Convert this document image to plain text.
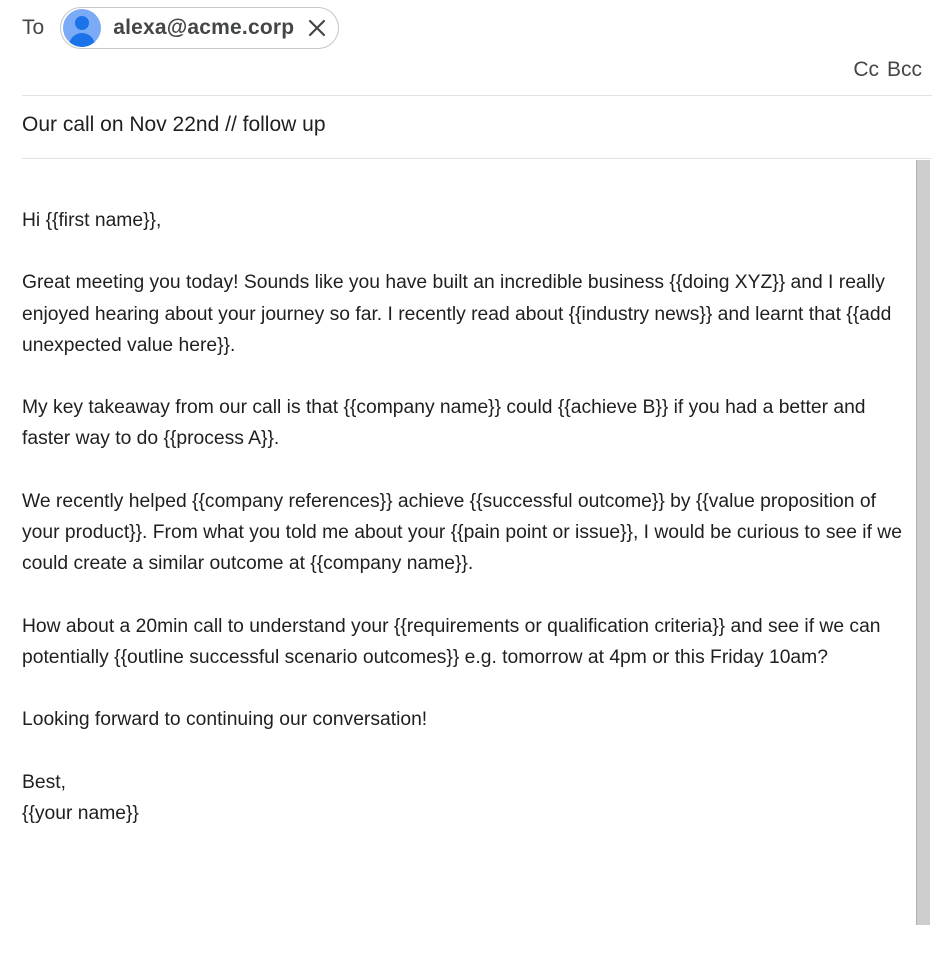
To	alexa@acme.corp
Cc Bcc
Our call on Nov 22nd // follow up

Hi {{first name}},

Great meeting you today! Sounds like you have built an incredible business {{doing XYZ}} and I really enjoyed hearing about your journey so far. I recently read about {{industry news}} and learnt that {{add unexpected value here}}.

My key takeaway from our call is that {{company name}} could {{achieve B}} if you had a better and faster way to do {{process A}}.

We recently helped {{company references}} achieve {{successful outcome}} by {{value proposition of your product}}. From what you told me about your {{pain point or issue}}, I would be curious to see if we could create a similar outcome at {{company name}}.

How about a 20min call to understand your {{requirements or qualification criteria}} and see if we can potentially {{outline successful scenario outcomes}} e.g. tomorrow at 4pm or this Friday 10am?

Looking forward to continuing our conversation!

Best,

{{your name}}
